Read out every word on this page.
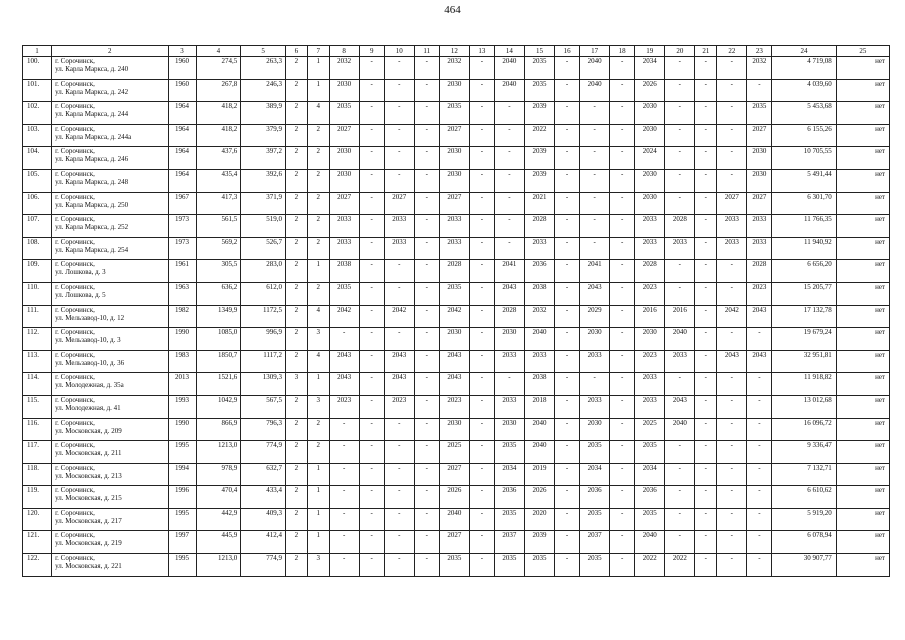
464
1	2	3	4	5	6	7	8	9	10	11	12	13	14	15	16	17	18	19	20	21	22	23	24	25
100.	г. Сорочинск,
ул. Карла Маркса, д. 240	1960	274,5	263,3	2	1	2032	-	-	-	2032	-	2040	2035	-	2040	-	2034	-	-	-	2032	4 719,08	нет
101.	г. Сорочинск,
ул. Карла Маркса, д. 242	1960	267,8	246,3	2	1	2030	-	-	-	2030	-	2040	2035	-	2040	-	2026	-	-	-	-	4 039,60	нет
102.	г. Сорочинск,
ул. Карла Маркса, д. 244	1964	418,2	389,9	2	4	2035	-	-	-	2035	-	-	2039	-	-	-	2030	-	-	-	2035	5 453,68	нет
103.	г. Сорочинск,
ул. Карла Маркса, д. 244а	1964	418,2	379,9	2	2	2027	-	-	-	2027	-	-	2022	-	-	-	2030	-	-	-	2027	6 155,26	нет
104.	г. Сорочинск,
ул. Карла Маркса, д. 246	1964	437,6	397,2	2	2	2030	-	-	-	2030	-	-	2039	-	-	-	2024	-	-	-	2030	10 705,55	нет
105.	г. Сорочинск,
ул. Карла Маркса, д. 248	1964	435,4	392,6	2	2	2030	-	-	-	2030	-	-	2039	-	-	-	2030	-	-	-	2030	5 491,44	нет
106.	г. Сорочинск,
ул. Карла Маркса, д. 250	1967	417,3	371,9	2	2	2027	-	2027	-	2027	-	-	2021	-	-	-	2030	-	-	2027	2027	6 301,70	нет
107.	г. Сорочинск,
ул. Карла Маркса, д. 252	1973	561,5	519,0	2	2	2033	-	2033	-	2033	-	-	2028	-	-	-	2033	2028	-	2033	2033	11 766,35	нет
108.	г. Сорочинск,
ул. Карла Маркса, д. 254	1973	569,2	526,7	2	2	2033	-	2033	-	2033	-	-	2033	-	-	-	2033	2033	-	2033	2033	11 940,92	нет
109.	г. Сорочинск,
ул. Лошкова, д. 3	1961	305,5	283,0	2	1	2038	-	-	-	2028	-	2041	2036	-	2041	-	2028	-	-	-	2028	6 656,20	нет
110.	г. Сорочинск,
ул. Лошкова, д. 5	1963	636,2	612,0	2	2	2035	-	-	-	2035	-	2043	2038	-	2043	-	2023	-	-	-	2023	15 205,77	нет
111.	г. Сорочинск,
ул. Мельзавод-10, д. 12	1982	1349,9	1172,5	2	4	2042	-	2042	-	2042	-	2028	2032	-	2029	-	2016	2016	-	2042	2043	17 132,78	нет
112.	г. Сорочинск,
ул. Мельзавод-10, д. 3	1990	1085,0	996,9	2	3	-	-	-	-	2030	-	2030	2040	-	2030	-	2030	2040	-	-	-	19 679,24	нет
113.	г. Сорочинск,
ул. Мельзавод-10, д. 36	1983	1850,7	1117,2	2	4	2043	-	2043	-	2043	-	2033	2033	-	2033	-	2023	2033	-	2043	2043	32 951,81	нет
114.	г. Сорочинск,
ул. Молодежная, д. 35а	2013	1521,6	1309,3	3	1	2043	-	2043	-	2043	-	-	2038	-	-	-	2033	-	-	-	-	11 918,82	нет
115.	г. Сорочинск,
ул. Молодежная, д. 41	1993	1042,9	567,5	2	3	2023	-	2023	-	2023	-	2033	2018	-	2033	-	2033	2043	-	-	-	13 012,68	нет
116.	г. Сорочинск,
ул. Московская, д. 209	1990	866,9	796,3	2	2	-	-	-	-	2030	-	2030	2040	-	2030	-	2025	2040	-	-	-	16 096,72	нет
117.	г. Сорочинск,
ул. Московская, д. 211	1995	1213,0	774,9	2	2	-	-	-	-	2025	-	2035	2040	-	2035	-	2035	-	-	-	-	9 336,47	нет
118.	г. Сорочинск,
ул. Московская, д. 213	1994	978,9	632,7	2	1	-	-	-	-	2027	-	2034	2019	-	2034	-	2034	-	-	-	-	7 132,71	нет
119.	г. Сорочинск,
ул. Московская, д. 215	1996	470,4	433,4	2	1	-	-	-	-	2026	-	2036	2026	-	2036	-	2036	-	-	-	-	6 610,62	нет
120.	г. Сорочинск,
ул. Московская, д. 217	1995	442,9	409,3	2	1	-	-	-	-	2040	-	2035	2020	-	2035	-	2035	-	-	-	-	5 919,20	нет
121.	г. Сорочинск,
ул. Московская, д. 219	1997	445,9	412,4	2	1	-	-	-	-	2027	-	2037	2039	-	2037	-	2040	-	-	-	-	6 078,94	нет
122.	г. Сорочинск,
ул. Московская, д. 221	1995	1213,0	774,9	2	3	-	-	-	-	2035	-	2035	2035	-	2035	-	2022	2022	-	-	-	30 907,77	нет
